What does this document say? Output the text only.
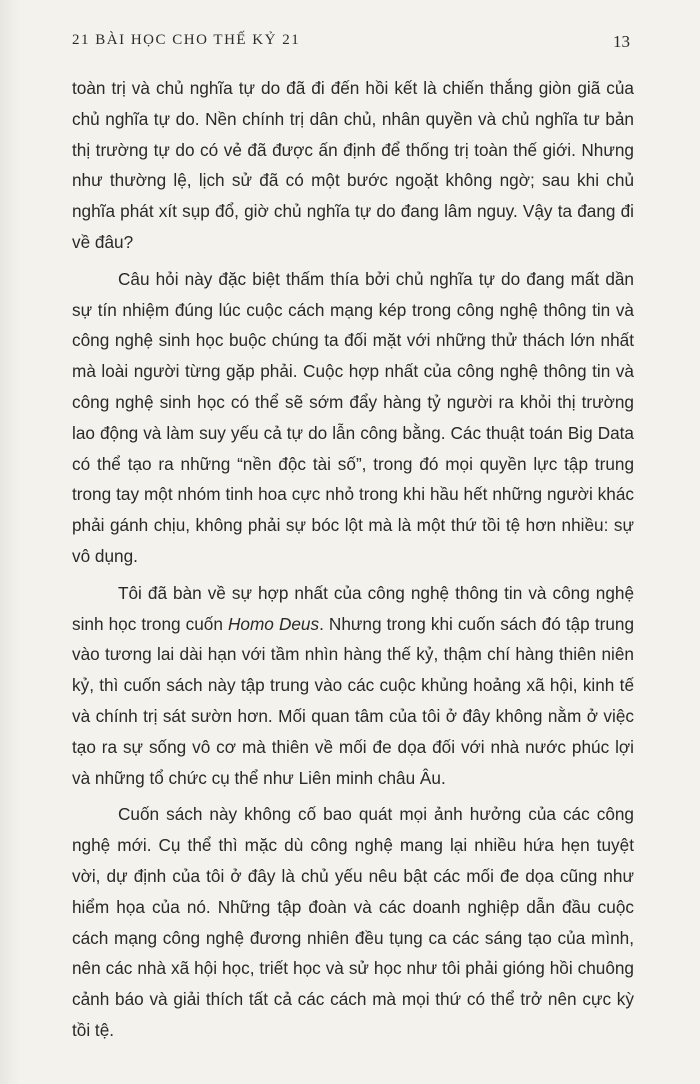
21 BÀI HỌC CHO THẾ KỶ 21	13

toàn trị và chủ nghĩa tự do đã đi đến hồi kết là chiến thắng giòn giã của chủ nghĩa tự do. Nền chính trị dân chủ, nhân quyền và chủ nghĩa tư bản thị trường tự do có vẻ đã được ấn định để thống trị toàn thế giới. Nhưng như thường lệ, lịch sử đã có một bước ngoặt không ngờ; sau khi chủ nghĩa phát xít sụp đổ, giờ chủ nghĩa tự do đang lâm nguy. Vậy ta đang đi về đâu?

Câu hỏi này đặc biệt thấm thía bởi chủ nghĩa tự do đang mất dần sự tín nhiệm đúng lúc cuộc cách mạng kép trong công nghệ thông tin và công nghệ sinh học buộc chúng ta đối mặt với những thử thách lớn nhất mà loài người từng gặp phải. Cuộc hợp nhất của công nghệ thông tin và công nghệ sinh học có thể sẽ sớm đẩy hàng tỷ người ra khỏi thị trường lao động và làm suy yếu cả tự do lẫn công bằng. Các thuật toán Big Data có thể tạo ra những “nền độc tài số”, trong đó mọi quyền lực tập trung trong tay một nhóm tinh hoa cực nhỏ trong khi hầu hết những người khác phải gánh chịu, không phải sự bóc lột mà là một thứ tồi tệ hơn nhiều: sự vô dụng.

Tôi đã bàn về sự hợp nhất của công nghệ thông tin và công nghệ sinh học trong cuốn Homo Deus. Nhưng trong khi cuốn sách đó tập trung vào tương lai dài hạn với tầm nhìn hàng thế kỷ, thậm chí hàng thiên niên kỷ, thì cuốn sách này tập trung vào các cuộc khủng hoảng xã hội, kinh tế và chính trị sát sườn hơn. Mối quan tâm của tôi ở đây không nằm ở việc tạo ra sự sống vô cơ mà thiên về mối đe dọa đối với nhà nước phúc lợi và những tổ chức cụ thể như Liên minh châu Âu.

Cuốn sách này không cố bao quát mọi ảnh hưởng của các công nghệ mới. Cụ thể thì mặc dù công nghệ mang lại nhiều hứa hẹn tuyệt vời, dự định của tôi ở đây là chủ yếu nêu bật các mối đe dọa cũng như hiểm họa của nó. Những tập đoàn và các doanh nghiệp dẫn đầu cuộc cách mạng công nghệ đương nhiên đều tụng ca các sáng tạo của mình, nên các nhà xã hội học, triết học và sử học như tôi phải gióng hồi chuông cảnh báo và giải thích tất cả các cách mà mọi thứ có thể trở nên cực kỳ tồi tệ.
